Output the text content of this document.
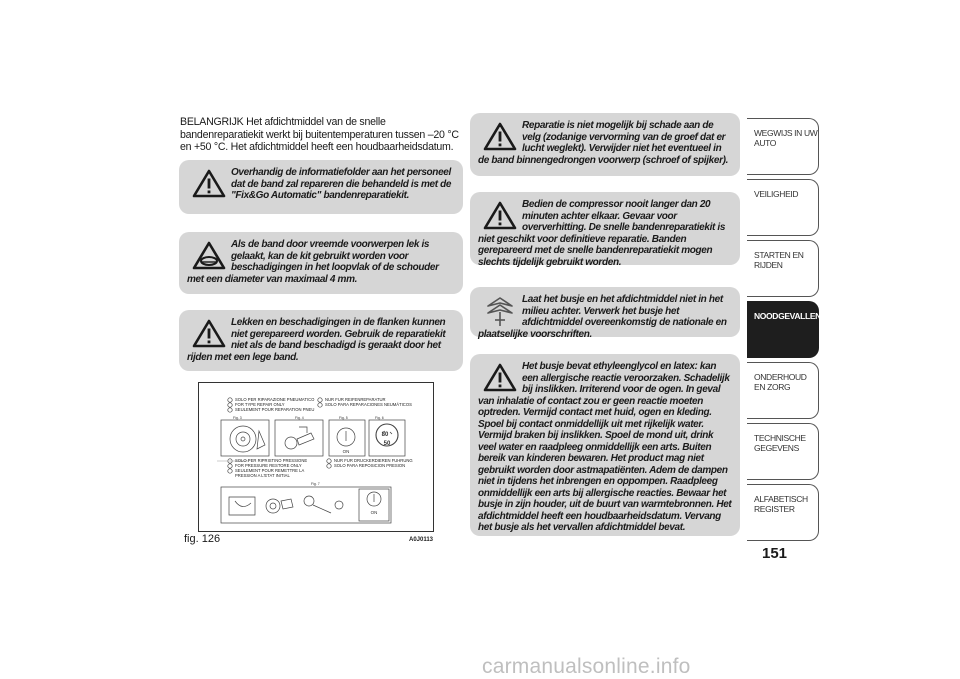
BELANGRIJK Het afdichtmiddel van de snelle bandenreparatiekit werkt bij buitentemperaturen tussen –20 °C en +50 °C. Het afdichtmiddel heeft een houdbaarheidsdatum.

Overhandig de informatiefolder aan het personeel dat de band zal repareren die behandeld is met de "Fix&Go Automatic" bandenreparatiekit.

Als de band door vreemde voorwerpen lek is gelaakt, kan de kit gebruikt worden voor beschadigingen in het loopvlak of de schouder met een diameter van maximaal 4 mm.

Lekken en beschadigingen in de flanken kunnen niet gerepareerd worden. Gebruik de reparatiekit niet als de band beschadigd is geraakt door het rijden met een lege band.

80
50
ON
ON
Fig. 3	Fig. 4	Fig. 5	Fig. 6
Fig. 7
SOLO PER RIPARAZIONE PNEUMATICO
FOR TYPE REPAIR ONLY
SEULEMENT POUR REPARATION PNEU
NUR FUR REIFENREPARATUR
SOLO PARA REPARACIONES NEUMÁTICOS
SOLO PER RIPRISTINO PRESSIONE
FOR PRESSURE RESTORE ONLY
SEULEMENT POUR REMETTRE LA
PRESSION A L'ETAT INITIAL
NUR FUR DRUCKERDIEREN FUHRUNG
SOLO PARA REPOSICION PRESION
fig. 126	A0J0113

Reparatie is niet mogelijk bij schade aan de velg (zodanige vervorming van de groef dat er lucht weglekt). Verwijder niet het eventueel in de band binnengedrongen voorwerp (schroef of spijker).

Bedien de compressor nooit langer dan 20 minuten achter elkaar. Gevaar voor oververhitting. De snelle bandenreparatiekit is niet geschikt voor definitieve reparatie. Banden gerepareerd met de snelle bandenreparatiekit mogen slechts tijdelijk gebruikt worden.

Laat het busje en het afdichtmiddel niet in het milieu achter. Verwerk het busje het afdichtmiddel overeenkomstig de nationale en plaatselijke voorschriften.

Het busje bevat ethyleenglycol en latex: kan een allergische reactie veroorzaken. Schadelijk bij inslikken. Irriterend voor de ogen. In geval van inhalatie of contact zou er geen reactie moeten optreden. Vermijd contact met huid, ogen en kleding. Spoel bij contact onmiddellijk uit met rijkelijk water. Vermijd braken bij inslikken. Spoel de mond uit, drink veel water en raadpleeg onmiddellijk een arts. Buiten bereik van kinderen bewaren. Het product mag niet gebruikt worden door astmapatiënten. Adem de dampen niet in tijdens het inbrengen en oppompen. Raadpleeg onmiddellijk een arts bij allergische reacties. Bewaar het busje in zijn houder, uit de buurt van warmtebronnen. Het afdichtmiddel heeft een houdbaarheidsdatum. Vervang het busje als het vervallen afdichtmiddel bevat.

WEGWIJS IN UW AUTO
VEILIGHEID
STARTEN EN RIJDEN
NOODGEVALLEN
ONDERHOUD EN ZORG
TECHNISCHE GEGEVENS
ALFABETISCH REGISTER
151
carmanualsonline.info
